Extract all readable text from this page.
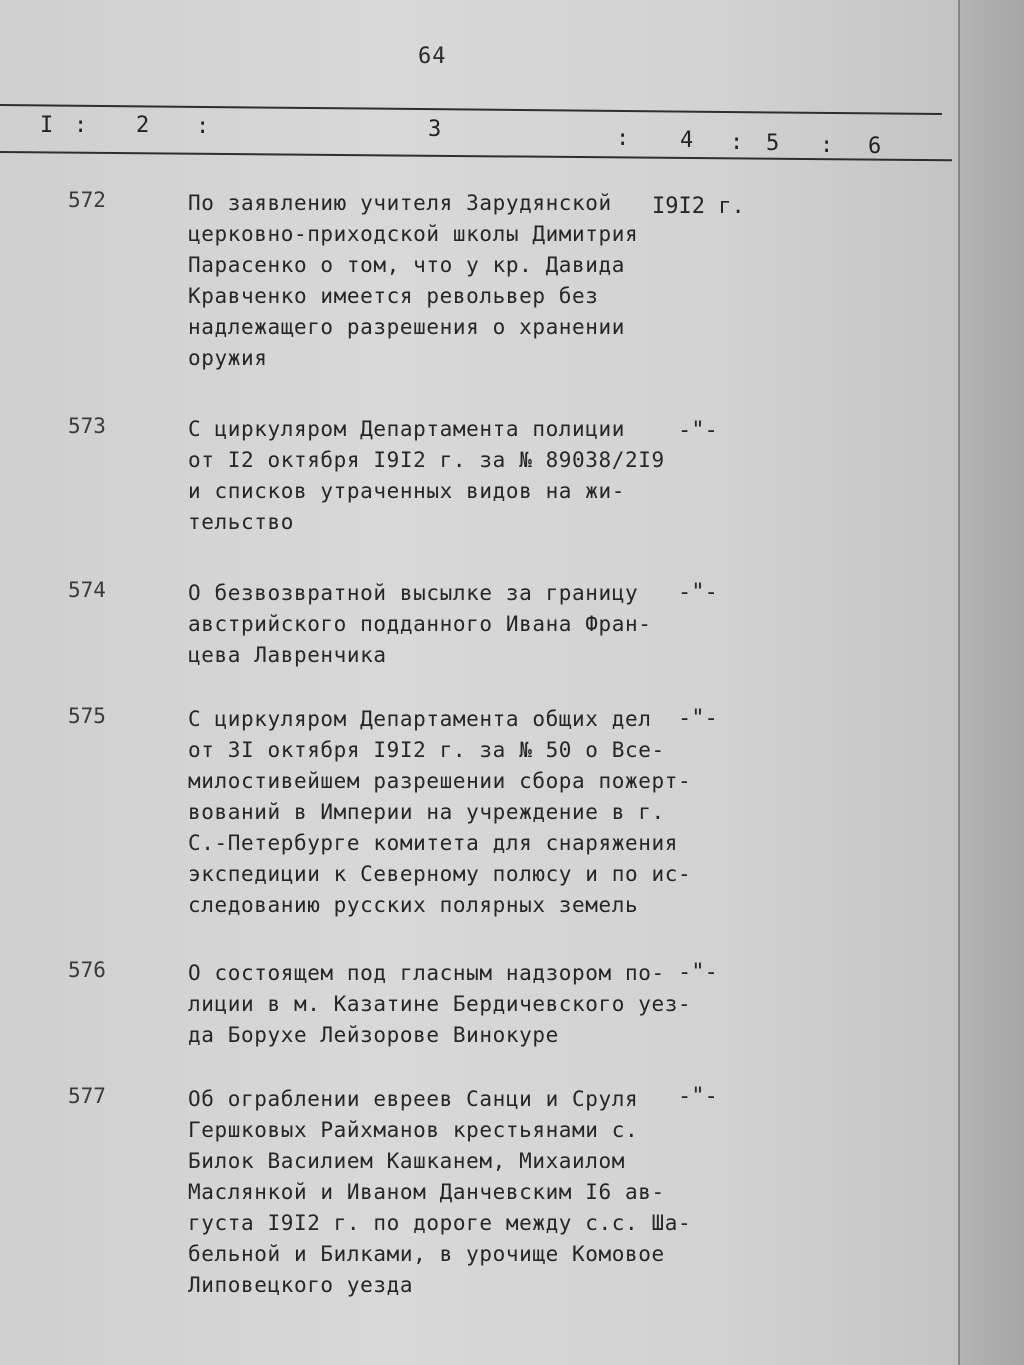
64
I : 2 :	3	: 4 : 5 : 6
572	По заявлению учителя Зарудянской
церковно-приходской школы Димитрия
Парасенко о том, что у кр. Давида
Кравченко имеется револьвер без
надлежащего разрешения о хранении
оружия
I9I2 г.
573	С циркуляром Департамента полиции
от I2 октября I9I2 г. за № 89038/2I9
и списков утраченных видов на жи-
тельство
-"-
574	О безвозвратной высылке за границу
австрийского подданного Ивана Фран-
цева Лавренчика
-"-
575	С циркуляром Департамента общих дел
от 3I октября I9I2 г. за № 50 о Все-
милостивейшем разрешении сбора пожерт-
вований в Империи на учреждение в г.
С.-Петербурге комитета для снаряжения
экспедиции к Северному полюсу и по ис-
следованию русских полярных земель
-"-
576	О состоящем под гласным надзором по-
лиции в м. Казатине Бердичевского уез-
да Борухе Лейзорове Винокуре
-"-
577	Об ограблении евреев Санци и Сруля
Гершковых Райхманов крестьянами с.
Билок Василием Кашканем, Михаилом
Маслянкой и Иваном Данчевским I6 ав-
густа I9I2 г. по дороге между с.с. Ша-
бельной и Билками, в урочище Комовое
Липовецкого уезда
-"-
